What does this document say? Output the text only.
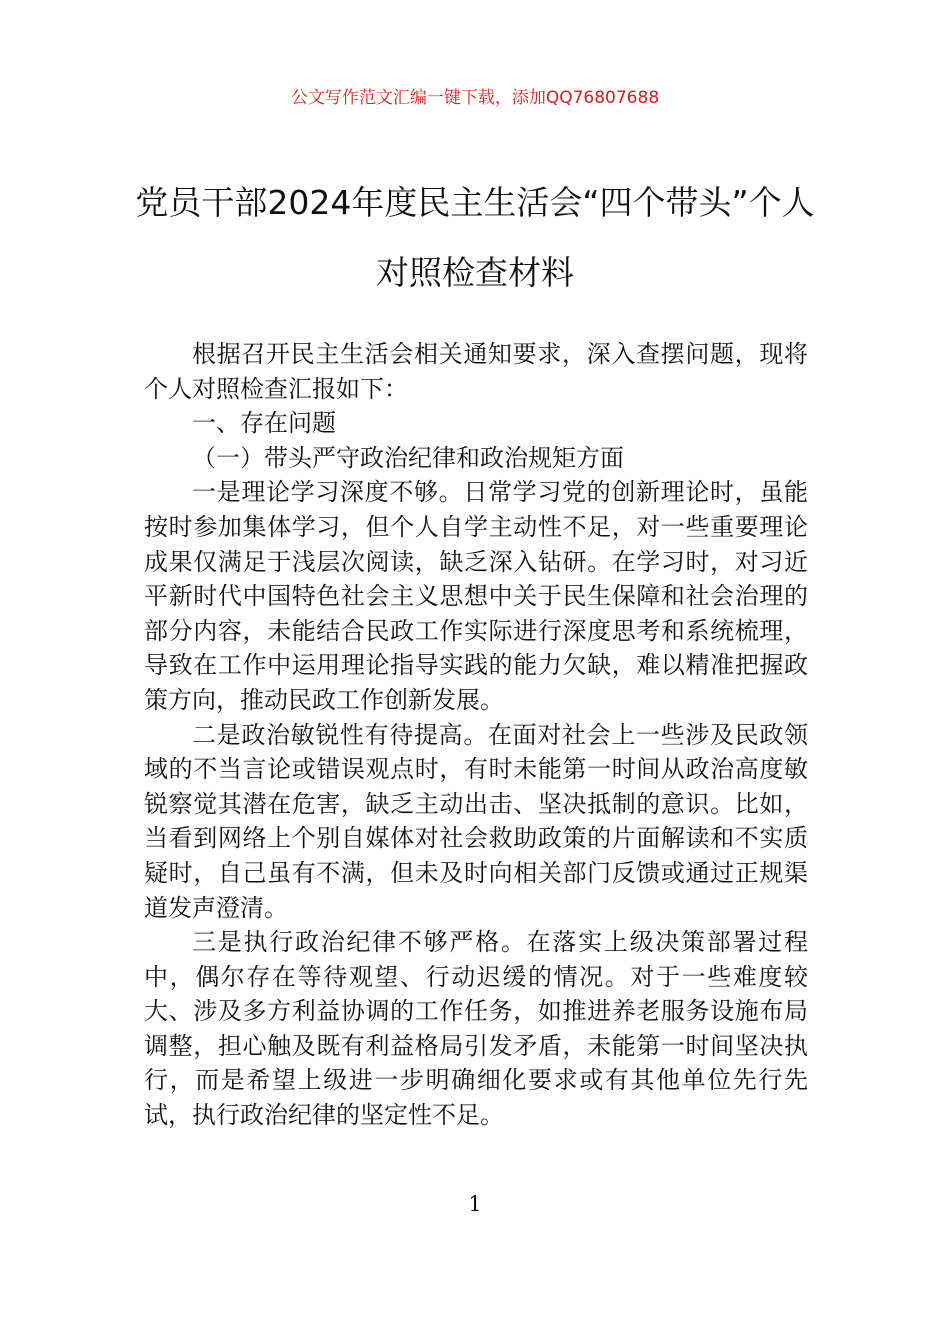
公文写作范文汇编一键下载，添加QQ76807688
党员干部2024年度民主生活会“四个带头”个人对照检查材料

根据召开民主生活会相关通知要求，深入查摆问题，现将个人对照检查汇报如下：

一、存在问题

（一）带头严守政治纪律和政治规矩方面

一是理论学习深度不够。日常学习党的创新理论时，虽能按时参加集体学习，但个人自学主动性不足，对一些重要理论成果仅满足于浅层次阅读，缺乏深入钻研。在学习时，对习近平新时代中国特色社会主义思想中关于民生保障和社会治理的部分内容，未能结合民政工作实际进行深度思考和系统梳理，导致在工作中运用理论指导实践的能力欠缺，难以精准把握政策方向，推动民政工作创新发展。

二是政治敏锐性有待提高。在面对社会上一些涉及民政领域的不当言论或错误观点时，有时未能第一时间从政治高度敏锐察觉其潜在危害，缺乏主动出击、坚决抵制的意识。比如，当看到网络上个别自媒体对社会救助政策的片面解读和不实质疑时，自己虽有不满，但未及时向相关部门反馈或通过正规渠道发声澄清。

三是执行政治纪律不够严格。在落实上级决策部署过程中，偶尔存在等待观望、行动迟缓的情况。对于一些难度较大、涉及多方利益协调的工作任务，如推进养老服务设施布局调整，担心触及既有利益格局引发矛盾，未能第一时间坚决执行，而是希望上级进一步明确细化要求或有其他单位先行先试，执行政治纪律的坚定性不足。

1
